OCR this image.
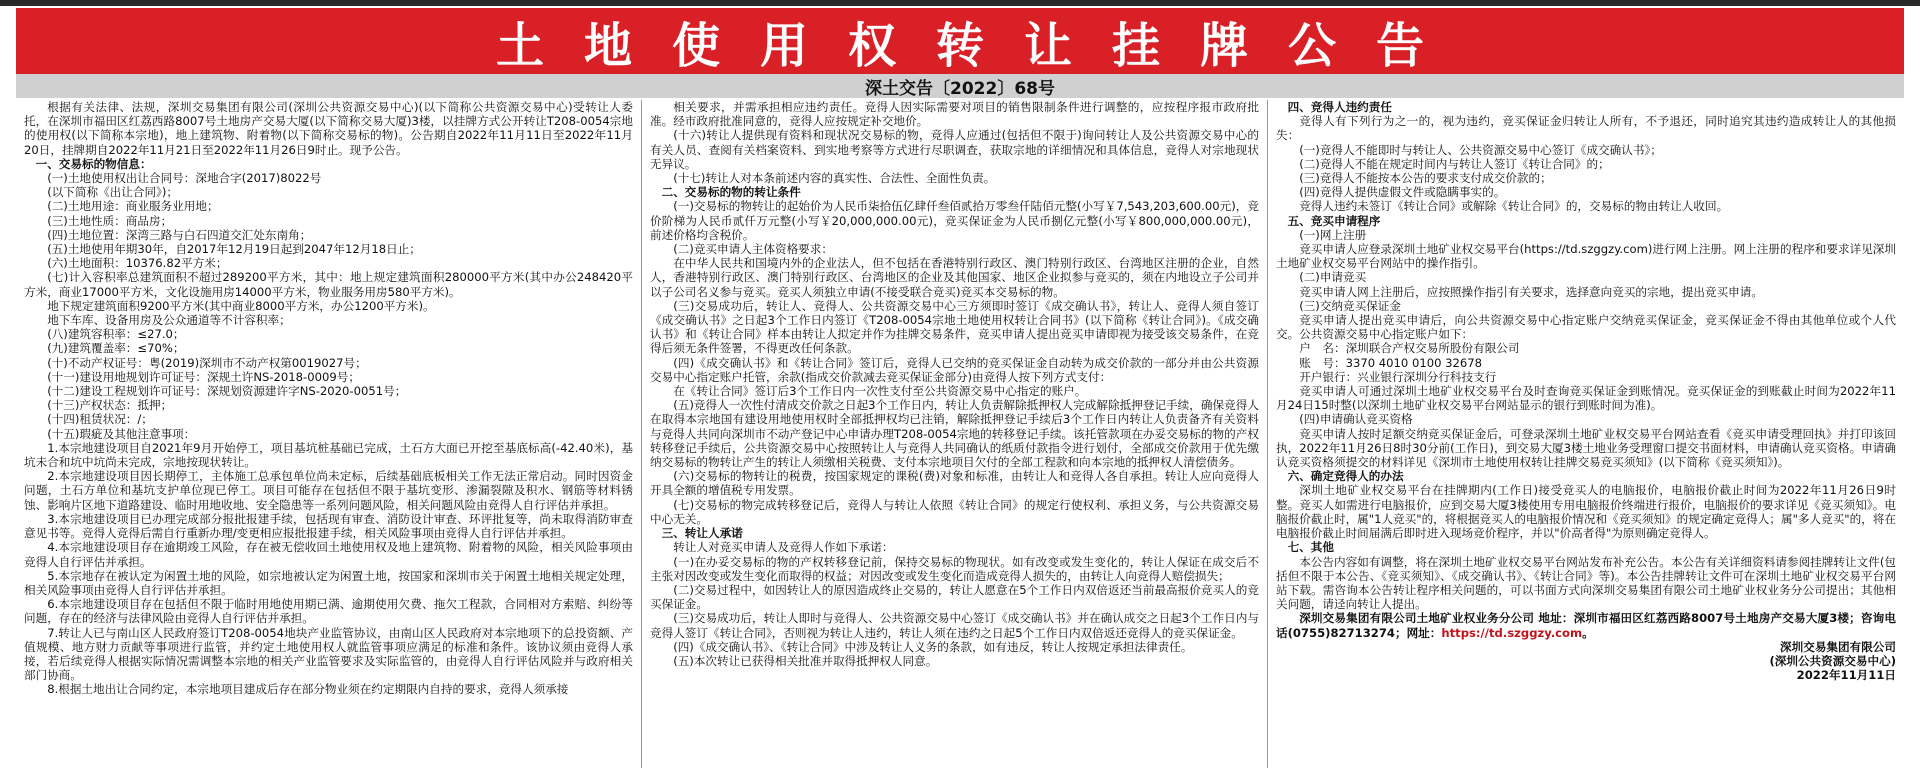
土地使用权转让挂牌公告
深土交告〔2022〕68号

根据有关法律、法规，深圳交易集团有限公司(深圳公共资源交易中心)(以下简称公共资源交易中心)受转让人委托，在深圳市福田区红荔西路8007号土地房产交易大厦(以下简称交易大厦)3楼，以挂牌方式公开转让T208-0054宗地的使用权(以下简称本宗地)，地上建筑物、附着物(以下简称交易标的物)。公告期自2022年11月11日至2022年11月20日，挂牌期自2022年11月21日至2022年11月26日9时止。现予公告。

一、交易标的物信息：

(一)土地使用权出让合同号：深地合字(2017)8022号

(以下简称《出让合同》)；

(二)土地用途：商业服务业用地；

(三)土地性质：商品房；

(四)土地位置：深湾三路与白石四道交汇处东南角；

(五)土地使用年期30年，自2017年12月19日起到2047年12月18日止；

(六)土地面积：10376.82平方米；

(七)计入容积率总建筑面积不超过289200平方米，其中：地上规定建筑面积280000平方米(其中办公248420平方米，商业17000平方米，文化设施用房14000平方米，物业服务用房580平方米)。

地下规定建筑面积9200平方米(其中商业8000平方米，办公1200平方米)。

地下车库、设备用房及公众通道等不计容积率；

(八)建筑容积率：≤27.0；

(九)建筑覆盖率：≤70%；

(十)不动产权证号：粤(2019)深圳市不动产权第0019027号；

(十一)建设用地规划许可证号：深规土许NS-2018-0009号；

(十二)建设工程规划许可证号：深规划资源建许字NS-2020-0051号；

(十三)产权状态：抵押；

(十四)租赁状况：/；

(十五)瑕疵及其他注意事项：

1.本宗地建设项目自2021年9月开始停工，项目基坑桩基础已完成，土石方大面已开挖至基底标高(-42.40米)，基坑未合和坑中坑尚未完成，宗地按现状转让。

2.本宗地建设项目因长期停工，主体施工总承包单位尚未定标，后续基础底板相关工作无法正常启动。同时因资金问题，土石方单位和基坑支护单位现已停工。项目可能存在包括但不限于基坑变形、渗漏裂隙及积水、钢筋等材料锈蚀、影响片区地下道路建设、临时用地收地、安全隐患等一系列问题风险，相关问题风险由竞得人自行评估并承担。

3.本宗地建设项目已办理完成部分报批报建手续，包括现有审查、消防设计审查、环评批复等，尚未取得消防审查意见书等。竞得人竞得后需自行重新办理/变更相应报批报建手续，相关风险事项由竞得人自行评估并承担。

4.本宗地建设项目存在逾期竣工风险，存在被无偿收回土地使用权及地上建筑物、附着物的风险，相关风险事项由竞得人自行评估并承担。

5.本宗地存在被认定为闲置土地的风险，如宗地被认定为闲置土地，按国家和深圳市关于闲置土地相关规定处理，相关风险事项由竞得人自行评估并承担。

6.本宗地建设项目存在包括但不限于临时用地使用期已满、逾期使用欠费、拖欠工程款，合同相对方索赔、纠纷等问题，存在的经济与法律风险由竞得人自行评估并承担。

7.转让人已与南山区人民政府签订T208-0054地块产业监管协议，由南山区人民政府对本宗地项下的总投资额、产值规模、地方财力贡献等事项进行监管，并约定土地使用权人就监管事项应满足的标准和条件。该协议须由竞得人承接，若后续竞得人根据实际情况需调整本宗地的相关产业监管要求及实际监管的，由竞得人自行评估风险并与政府相关部门协商。

8.根据土地出让合同约定，本宗地项目建成后存在部分物业须在约定期限内自持的要求，竞得人须承接

相关要求，并需承担相应违约责任。竞得人因实际需要对项目的销售限制条件进行调整的，应按程序报市政府批准。经市政府批准同意的，竞得人应按规定补交地价。

(十六)转让人提供现有资料和现状况交易标的物，竞得人应通过(包括但不限于)询问转让人及公共资源交易中心的有关人员、查阅有关档案资料、到实地考察等方式进行尽职调查，获取宗地的详细情况和具体信息，竞得人对宗地现状无异议。

(十七)转让人对本条前述内容的真实性、合法性、全面性负责。

二、交易标的物的转让条件

(一)交易标的物转让的起始价为人民币柒拾伍亿肆仟叁佰贰拾万零叁仟陆佰元整(小写￥7,543,203,600.00元)，竞价阶梯为人民币贰仟万元整(小写￥20,000,000.00元)，竞买保证金为人民币捌亿元整(小写￥800,000,000.00元)，前述价格均含税价。

(二)竞买申请人主体资格要求：

在中华人民共和国境内外的企业法人，但不包括在香港特别行政区、澳门特别行政区、台湾地区注册的企业，自然人，香港特别行政区、澳门特别行政区、台湾地区的企业及其他国家、地区企业拟参与竞买的，须在内地设立子公司并以子公司名义参与竞买。竞买人须独立申请(不接受联合竞买)竞买本交易标的物。

(三)交易成功后，转让人、竞得人、公共资源交易中心三方须即时签订《成交确认书》，转让人、竞得人须自签订《成交确认书》之日起3个工作日内签订《T208-0054宗地土地使用权转让合同书》(以下简称《转让合同》)。《成交确认书》和《转让合同》样本由转让人拟定并作为挂牌交易条件，竞买申请人提出竞买申请即视为接受该交易条件，在竞得后须无条件签署，不得更改任何条款。

(四)《成交确认书》和《转让合同》签订后，竞得人已交纳的竞买保证金自动转为成交价款的一部分并由公共资源交易中心指定账户托管，余款(指成交价款减去竞买保证金部分)由竞得人按下列方式支付：

在《转让合同》签订后3个工作日内一次性支付至公共资源交易中心指定的账户。

(五)竞得人一次性付清成交价款之日起3个工作日内，转让人负责解除抵押权人完成解除抵押登记手续，确保竞得人在取得本宗地国有建设用地使用权时全部抵押权均已注销，解除抵押登记手续后3个工作日内转让人负责备齐有关资料与竞得人共同向深圳市不动产登记中心申请办理T208-0054宗地的转移登记手续。该托管款项在办妥交易标的物的产权转移登记手续后，公共资源交易中心按照转让人与竞得人共同确认的纸质付款指令进行划付，全部成交价款用于优先缴纳交易标的物转让产生的转让人须缴相关税费、支付本宗地项目欠付的全部工程款和向本宗地的抵押权人清偿债务。

(六)交易标的物转让的税费，按国家规定的课税(费)对象和标准，由转让人和竞得人各自承担。转让人应向竞得人开具全额的增值税专用发票。

(七)交易标的物完成转移登记后，竞得人与转让人依照《转让合同》的规定行使权利、承担义务，与公共资源交易中心无关。

三、转让人承诺

转让人对竞买申请人及竞得人作如下承诺：

(一)在办妥交易标的物的产权转移登记前，保持交易标的物现状。如有改变或发生变化的，转让人保证在成交后不主张对因改变或发生变化而取得的权益；对因改变或发生变化而造成竞得人损失的，由转让人向竞得人赔偿损失；

(二)交易过程中，如因转让人的原因造成终止交易的，转让人愿意在5个工作日内双倍返还当前最高报价竞买人的竞买保证金。

(三)交易成功后，转让人即时与竞得人、公共资源交易中心签订《成交确认书》并在确认成交之日起3个工作日内与竞得人签订《转让合同》，否则视为转让人违约，转让人须在违约之日起5个工作日内双倍返还竞得人的竞买保证金。

(四)《成交确认书》、《转让合同》中涉及转让人义务的条款，如有违反，转让人按规定承担法律责任。

(五)本次转让已获得相关批准并取得抵押权人同意。

四、竞得人违约责任

竞得人有下列行为之一的，视为违约，竞买保证金归转让人所有，不予退还，同时追究其违约造成转让人的其他损失：

(一)竞得人不能即时与转让人、公共资源交易中心签订《成交确认书》；

(二)竞得人不能在规定时间内与转让人签订《转让合同》的；

(三)竞得人不能按本公告的要求支付成交价款的；

(四)竞得人提供虚假文件或隐瞒事实的。

竞得人违约未签订《转让合同》或解除《转让合同》的，交易标的物由转让人收回。

五、竞买申请程序

(一)网上注册

竞买申请人应登录深圳土地矿业权交易平台(https://td.szggzy.com)进行网上注册。网上注册的程序和要求详见深圳土地矿业权交易平台网站中的操作指引。

(二)申请竞买

竞买申请人网上注册后，应按照操作指引有关要求，选择意向竞买的宗地，提出竞买申请。

(三)交纳竞买保证金

竞买申请人提出竞买申请后，向公共资源交易中心指定账户交纳竞买保证金，竞买保证金不得由其他单位或个人代交。公共资源交易中心指定账户如下：

户　名：深圳联合产权交易所股份有限公司

账　号：3370 4010 0100 32678

开户银行：兴业银行深圳分行科技支行

竞买申请人可通过深圳土地矿业权交易平台及时查询竞买保证金到账情况。竞买保证金的到账截止时间为2022年11月24日15时整(以深圳土地矿业权交易平台网站显示的银行到账时间为准)。

(四)申请确认竞买资格

竞买申请人按时足额交纳竞买保证金后，可登录深圳土地矿业权交易平台网站查看《竞买申请受理回执》并打印该回执，2022年11月26日8时30分前(工作日)，到交易大厦3楼土地业务受理窗口提交书面材料，申请确认竞买资格。申请确认竞买资格须提交的材料详见《深圳市土地使用权转让挂牌交易竞买须知》(以下简称《竞买须知》)。

六、确定竞得人的办法

深圳土地矿业权交易平台在挂牌期内(工作日)接受竞买人的电脑报价，电脑报价截止时间为2022年11月26日9时整。竞买人如需进行电脑报价，应到交易大厦3楼使用专用电脑报价终端进行报价，电脑报价的要求详见《竞买须知》。电脑报价截止时，属"1人竞买"的，将根据竞买人的电脑报价情况和《竞买须知》的规定确定竞得人；属"多人竞买"的，将在电脑报价截止时间届满后即时进入现场竞价程序，并以"价高者得"为原则确定竞得人。

七、其他

本公告内容如有调整，将在深圳土地矿业权交易平台网站发布补充公告。本公告有关详细资料请参阅挂牌转让文件(包括但不限于本公告、《竞买须知》、《成交确认书》、《转让合同》等)。本公告挂牌转让文件可在深圳土地矿业权交易平台网站下载。需咨询本公告转让程序相关问题的，可以书面方式向深圳交易集团有限公司土地矿业权业务分公司提出；其他相关问题，请迳向转让人提出。

深圳交易集团有限公司土地矿业权业务分公司 地址：深圳市福田区红荔西路8007号土地房产交易大厦3楼；咨询电话(0755)82713274；网址：https://td.szggzy.com。

深圳交易集团有限公司

(深圳公共资源交易中心)

2022年11月11日
